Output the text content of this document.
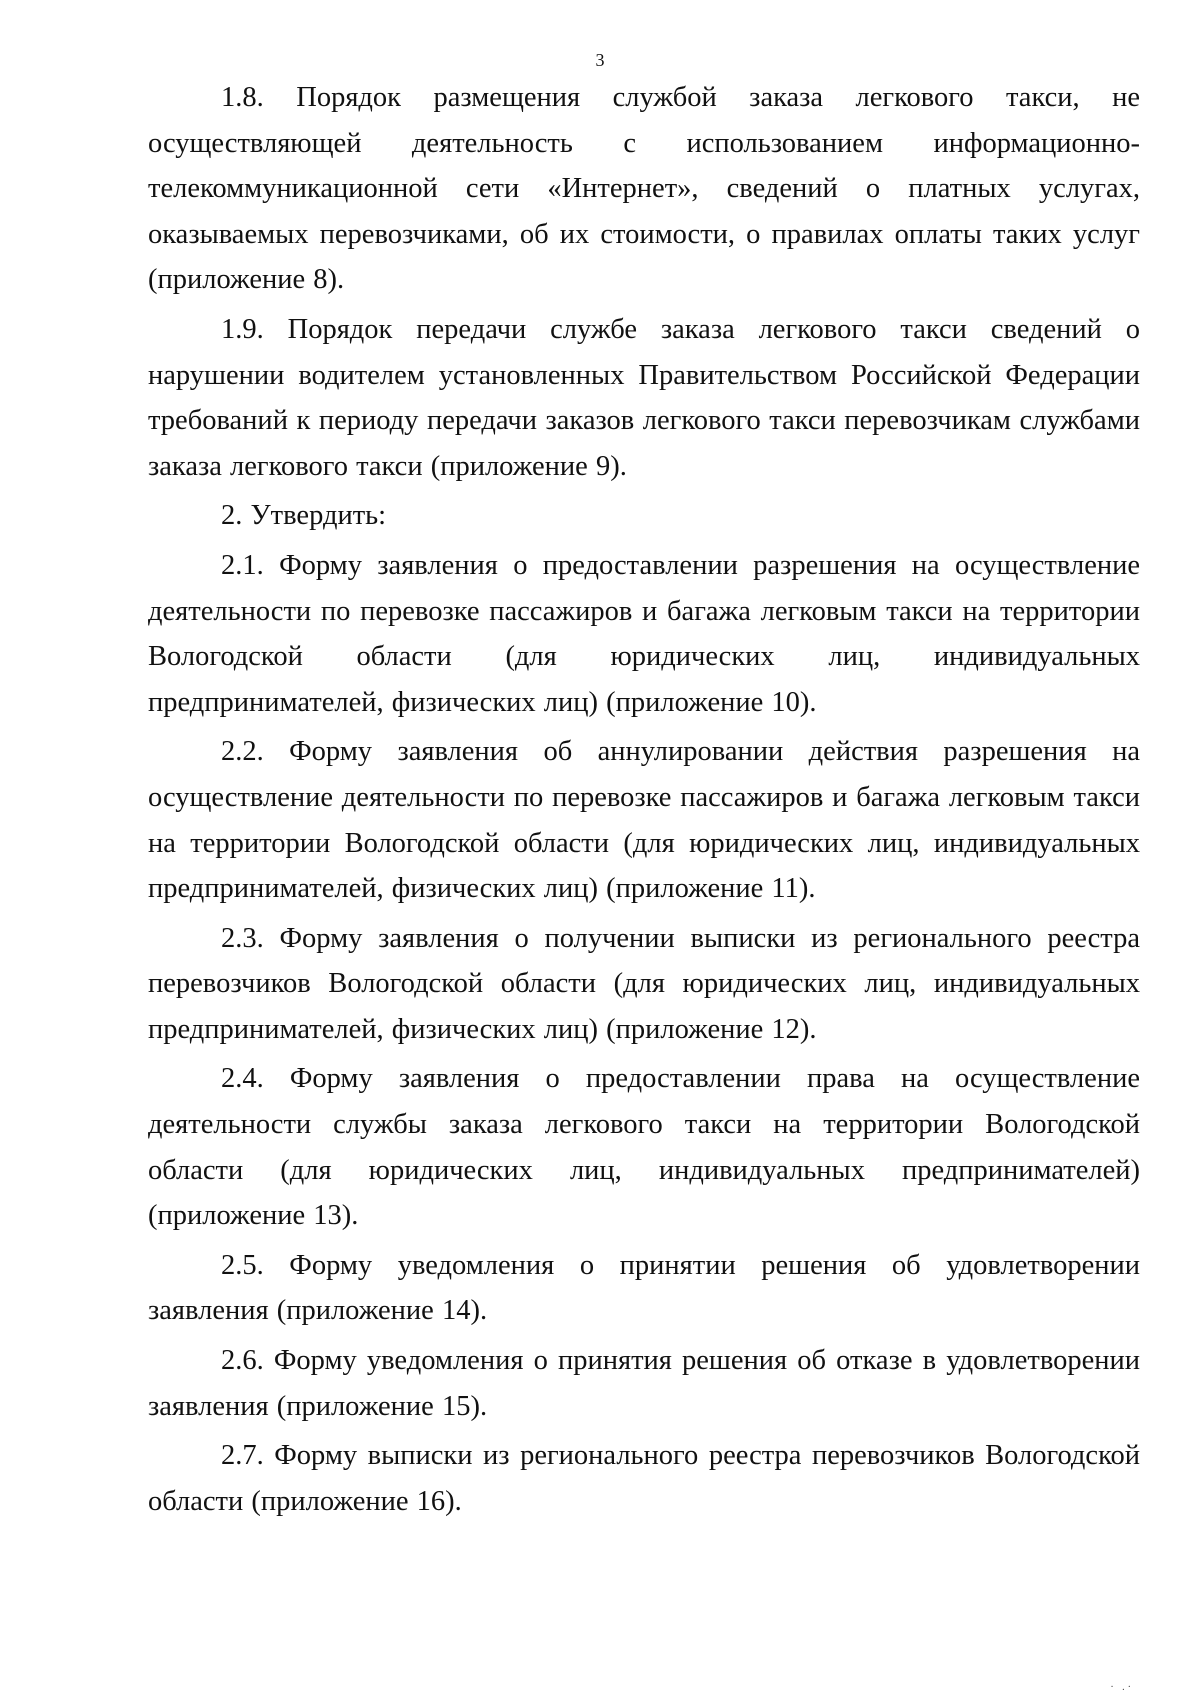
3

1.8. Порядок размещения службой заказа легкового такси, не осуществляющей деятельность с использованием информационно-телекоммуникационной сети «Интернет», сведений о платных услугах, оказываемых перевозчиками, об их стоимости, о правилах оплаты таких услуг (приложение 8).

1.9. Порядок передачи службе заказа легкового такси сведений о нарушении водителем установленных Правительством Российской Федерации требований к периоду передачи заказов легкового такси перевозчикам службами заказа легкового такси (приложение 9).

2. Утвердить:

2.1. Форму заявления о предоставлении разрешения на осуществление деятельности по перевозке пассажиров и багажа легковым такси на территории Вологодской области (для юридических лиц, индивидуальных предпринимателей, физических лиц) (приложение 10).

2.2. Форму заявления об аннулировании действия разрешения на осуществление деятельности по перевозке пассажиров и багажа легковым такси на территории Вологодской области (для юридических лиц, индивидуальных предпринимателей, физических лиц) (приложение 11).

2.3. Форму заявления о получении выписки из регионального реестра перевозчиков Вологодской области (для юридических лиц, индивидуальных предпринимателей, физических лиц) (приложение 12).

2.4. Форму заявления о предоставлении права на осуществление деятельности службы заказа легкового такси на территории Вологодской области (для юридических лиц, индивидуальных предпринимателей) (приложение 13).

2.5. Форму уведомления о принятии решения об удовлетворении заявления (приложение 14).

2.6. Форму уведомления о принятия решения об отказе в удовлетворении заявления (приложение 15).

2.7. Форму выписки из регионального реестра перевозчиков Вологодской области (приложение 16).

· .·
